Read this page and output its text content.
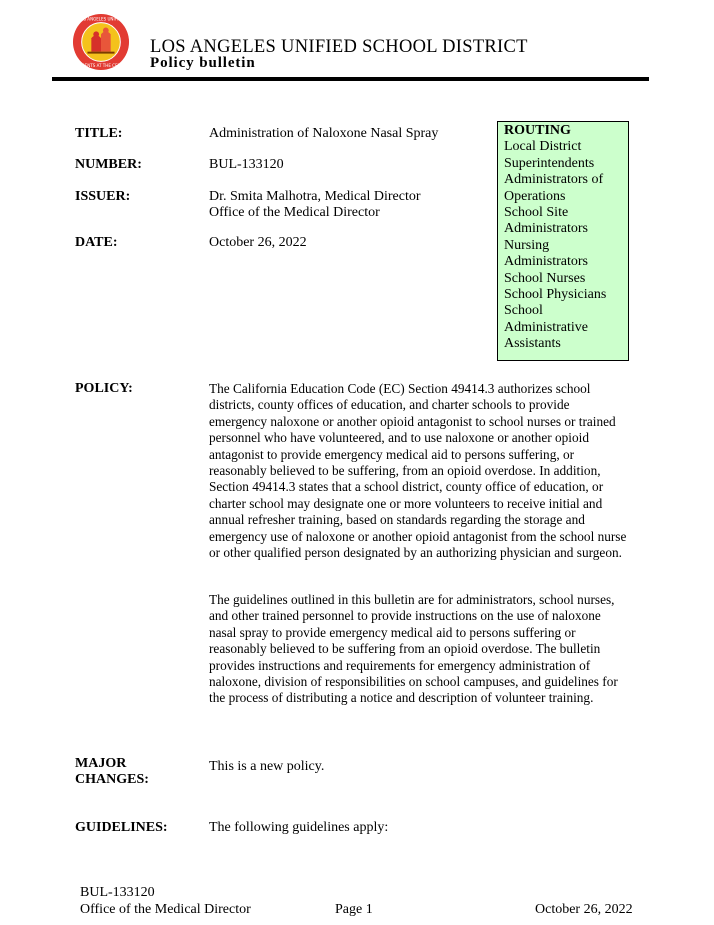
LOS ANGELES UNIFIED
STUDENTS AT THE CENTER
LOS ANGELES UNIFIED SCHOOL DISTRICT
Policy bulletin
TITLE:	Administration of Naloxone Nasal Spray
NUMBER:	BUL-133120
ISSUER:	Dr. Smita Malhotra, Medical Director
Office of the Medical Director
DATE:	October 26, 2022
ROUTING
Local District Superintendents
Administrators of Operations
School Site Administrators
Nursing Administrators
School Nurses
School Physicians
School Administrative Assistants
POLICY:	The California Education Code (EC) Section 49414.3 authorizes school districts, county offices of education, and charter schools to provide emergency naloxone or another opioid antagonist to school nurses or trained personnel who have volunteered, and to use naloxone or another opioid antagonist to provide emergency medical aid to persons suffering, or reasonably believed to be suffering, from an opioid overdose. In addition, Section 49414.3 states that a school district, county office of education, or charter school may designate one or more volunteers to receive initial and annual refresher training, based on standards regarding the storage and emergency use of naloxone or another opioid antagonist from the school nurse or other qualified person designated by an authorizing physician and surgeon.
The guidelines outlined in this bulletin are for administrators, school nurses, and other trained personnel to provide instructions on the use of naloxone nasal spray to provide emergency medical aid to persons suffering or reasonably believed to be suffering from an opioid overdose. The bulletin provides instructions and requirements for emergency administration of naloxone, division of responsibilities on school campuses, and guidelines for the process of distributing a notice and description of volunteer training.
MAJOR
CHANGES:
This is a new policy.
GUIDELINES:	The following guidelines apply:
BUL-133120
Office of the Medical Director	Page 1	October 26, 2022
